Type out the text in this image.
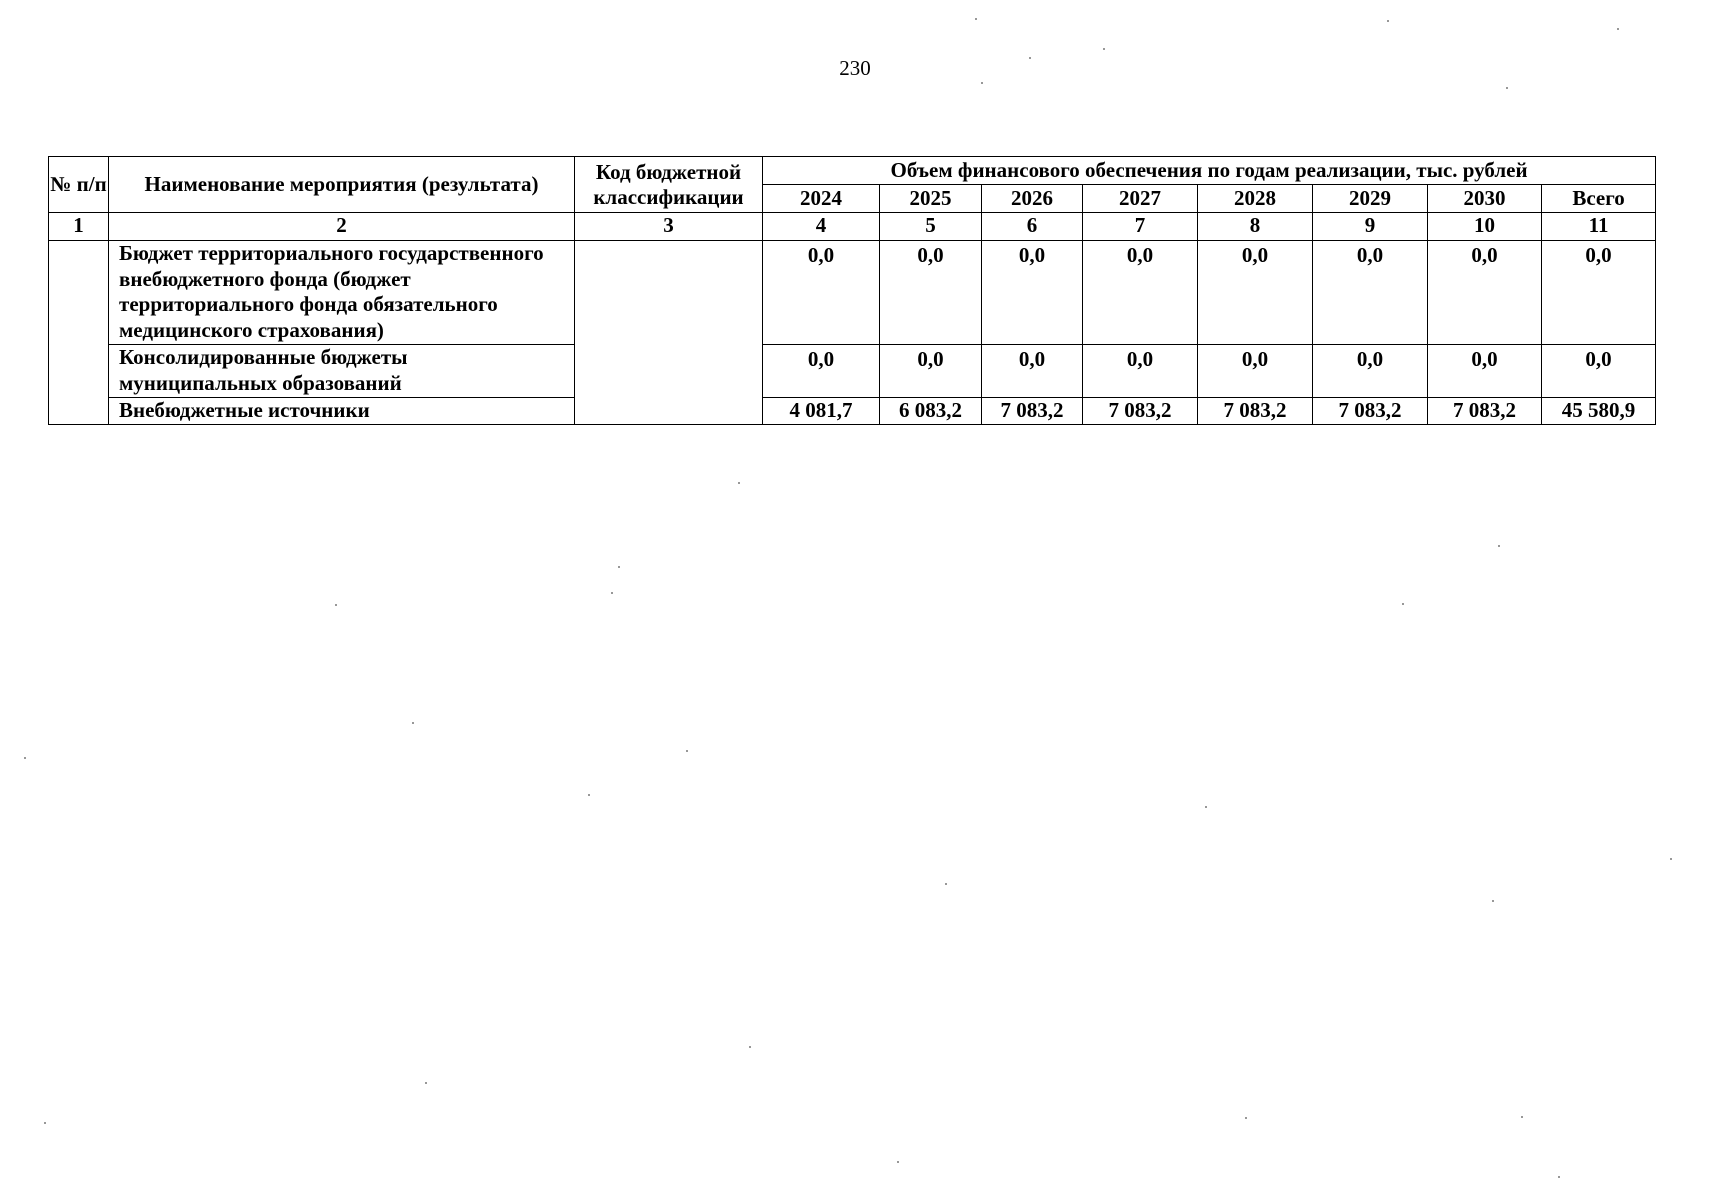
230
№ п/п	Наименование мероприятия (результата)	Код бюджетной классификации	Объем финансового обеспечения по годам реализации, тыс. рублей							
			2024	2025	2026	2027	2028	2029	2030	Всего
1	2	3	4	5	6	7	8	9	10	11
	Бюджет территориального государственного внебюджетного фонда (бюджет территориального фонда обязательного медицинского страхования)		0,0	0,0	0,0	0,0	0,0	0,0	0,0	0,0
	Консолидированные бюджеты муниципальных образований		0,0	0,0	0,0	0,0	0,0	0,0	0,0	0,0
	Внебюджетные источники		4 081,7	6 083,2	7 083,2	7 083,2	7 083,2	7 083,2	7 083,2	45 580,9
